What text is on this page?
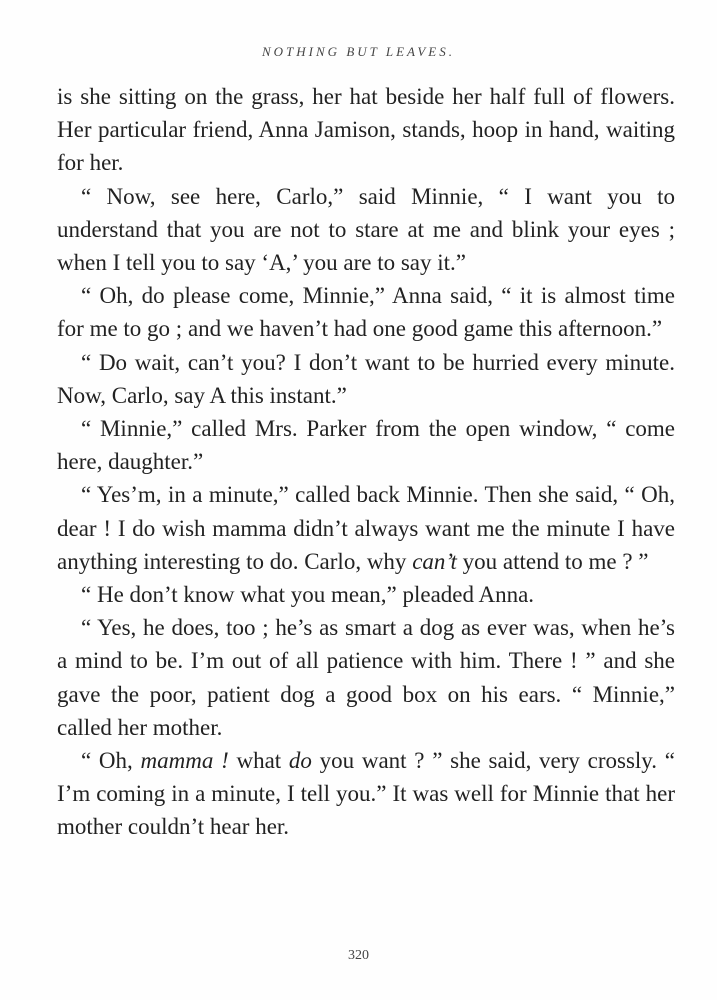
NOTHING BUT LEAVES.

is she sitting on the grass, her hat beside her half full of flowers. Her particular friend, Anna Jamison, stands, hoop in hand, waiting for her.

“ Now, see here, Carlo,” said Minnie, “ I want you to understand that you are not to stare at me and blink your eyes ; when I tell you to say ‘A,’ you are to say it.”

“ Oh, do please come, Minnie,” Anna said, “ it is almost time for me to go ; and we haven’t had one good game this afternoon.”

“ Do wait, can’t you? I don’t want to be hurried every minute. Now, Carlo, say A this instant.”

“ Minnie,” called Mrs. Parker from the open window, “ come here, daughter.”

“ Yes’m, in a minute,” called back Minnie. Then she said, “ Oh, dear ! I do wish mamma didn’t always want me the minute I have anything interesting to do. Carlo, why can’t you attend to me ? ”

“ He don’t know what you mean,” pleaded Anna.

“ Yes, he does, too ; he’s as smart a dog as ever was, when he’s a mind to be. I’m out of all patience with him. There ! ” and she gave the poor, patient dog a good box on his ears. “ Minnie,” called her mother.

“ Oh, mamma ! what do you want ? ” she said, very crossly. “ I’m coming in a minute, I tell you.” It was well for Minnie that her mother couldn’t hear her.

320
